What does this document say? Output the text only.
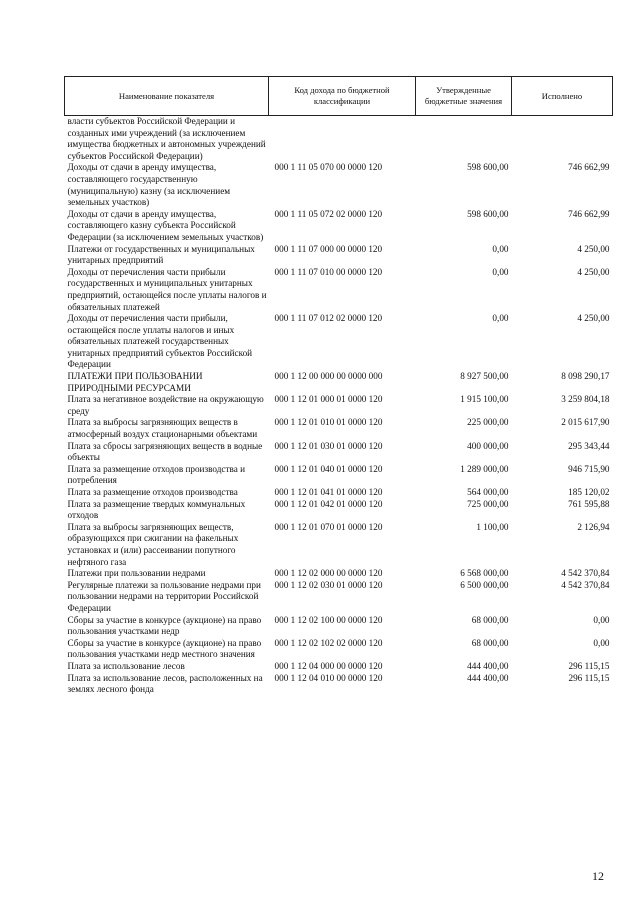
Наименование показателя	Код дохода по бюджетной классификации	Утвержденные бюджетные значения	Исполнено
власти субъектов Российской Федерации и созданных ими учреждений (за исключением имущества бюджетных и автономных учреждений субъектов Российской Федерации)			
Доходы от сдачи в аренду имущества, составляющего государственную (муниципальную) казну (за исключением земельных участков)	000 1 11 05 070 00 0000 120	598 600,00	746 662,99
Доходы от сдачи в аренду имущества, составляющего казну субъекта Российской Федерации (за исключением земельных участков)	000 1 11 05 072 02 0000 120	598 600,00	746 662,99
Платежи от государственных и муниципальных унитарных предприятий	000 1 11 07 000 00 0000 120	0,00	4 250,00
Доходы от перечисления части прибыли государственных и муниципальных унитарных предприятий, остающейся после уплаты налогов и обязательных платежей	000 1 11 07 010 00 0000 120	0,00	4 250,00
Доходы от перечисления части прибыли, остающейся после уплаты налогов и иных обязательных платежей государственных унитарных предприятий субъектов Российской Федерации	000 1 11 07 012 02 0000 120	0,00	4 250,00
ПЛАТЕЖИ ПРИ ПОЛЬЗОВАНИИ ПРИРОДНЫМИ РЕСУРСАМИ	000 1 12 00 000 00 0000 000	8 927 500,00	8 098 290,17
Плата за негативное воздействие на окружающую среду	000 1 12 01 000 01 0000 120	1 915 100,00	3 259 804,18
Плата за выбросы загрязняющих веществ в атмосферный воздух стационарными объектами	000 1 12 01 010 01 0000 120	225 000,00	2 015 617,90
Плата за сбросы загрязняющих веществ в водные объекты	000 1 12 01 030 01 0000 120	400 000,00	295 343,44
Плата за размещение отходов производства и потребления	000 1 12 01 040 01 0000 120	1 289 000,00	946 715,90
Плата за размещение отходов производства	000 1 12 01 041 01 0000 120	564 000,00	185 120,02
Плата за размещение твердых коммунальных отходов	000 1 12 01 042 01 0000 120	725 000,00	761 595,88
Плата за выбросы загрязняющих веществ, образующихся при сжигании на факельных установках и (или) рассеивании попутного нефтяного газа	000 1 12 01 070 01 0000 120	1 100,00	2 126,94
Платежи при пользовании недрами	000 1 12 02 000 00 0000 120	6 568 000,00	4 542 370,84
Регулярные платежи за пользование недрами при пользовании недрами на территории Российской Федерации	000 1 12 02 030 01 0000 120	6 500 000,00	4 542 370,84
Сборы за участие в конкурсе (аукционе) на право пользования участками недр	000 1 12 02 100 00 0000 120	68 000,00	0,00
Сборы за участие в конкурсе (аукционе) на право пользования участками недр местного значения	000 1 12 02 102 02 0000 120	68 000,00	0,00
Плата за использование лесов	000 1 12 04 000 00 0000 120	444 400,00	296 115,15
Плата за использование лесов, расположенных на землях лесного фонда	000 1 12 04 010 00 0000 120	444 400,00	296 115,15
12
